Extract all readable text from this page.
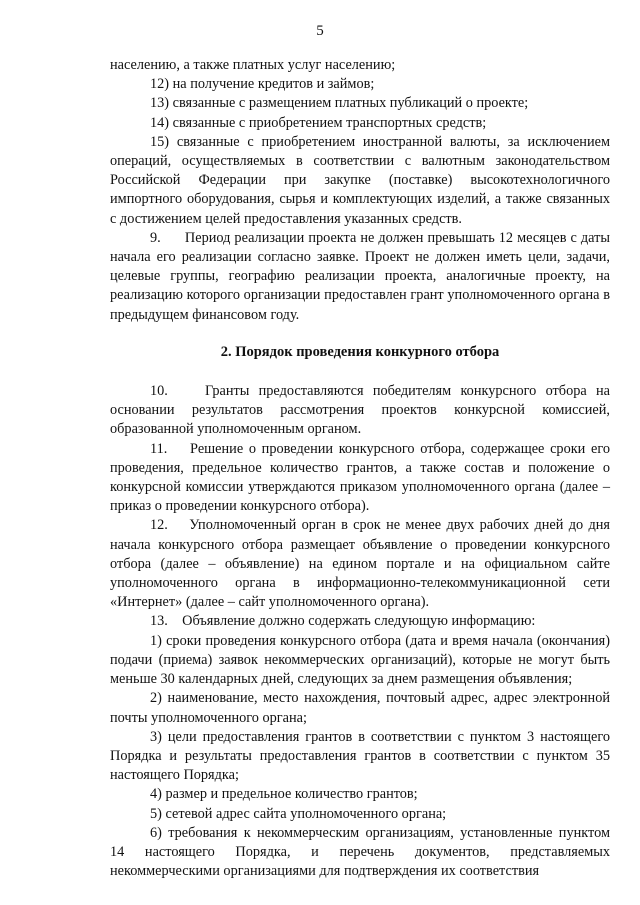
5

населению, а также платных услуг населению;

12) на получение кредитов и займов;

13) связанные с размещением платных публикаций о проекте;

14) связанные с приобретением транспортных средств;

15) связанные с приобретением иностранной валюты, за исключением операций, осуществляемых в соответствии с валютным законодательством Российской Федерации при закупке (поставке) высокотехнологичного импортного оборудования, сырья и комплектующих изделий, а также связанных с достижением целей предоставления указанных средств.

9.      Период реализации проекта не должен превышать 12 месяцев с даты начала его реализации согласно заявке. Проект не должен иметь цели, задачи, целевые группы, географию реализации проекта, аналогичные проекту, на реализацию которого организации предоставлен грант уполномоченного органа в предыдущем финансовом году.

2. Порядок проведения конкурного отбора

10.    Гранты предоставляются победителям конкурсного отбора на основании результатов рассмотрения проектов конкурсной комиссией, образованной уполномоченным органом.

11.    Решение о проведении конкурсного отбора, содержащее сроки его проведения, предельное количество грантов, а также состав и положение о конкурсной комиссии утверждаются приказом уполномоченного органа (далее – приказ о проведении конкурсного отбора).

12.    Уполномоченный орган в срок не менее двух рабочих дней до дня начала конкурсного отбора размещает объявление о проведении конкурсного отбора (далее – объявление) на едином портале и на официальном сайте уполномоченного органа в информационно-телекоммуникационной сети «Интернет» (далее – сайт уполномоченного органа).

13.    Объявление должно содержать следующую информацию:

1) сроки проведения конкурсного отбора (дата и время начала (окончания) подачи (приема) заявок некоммерческих организаций), которые не могут быть меньше 30 календарных дней, следующих за днем размещения объявления;

2) наименование, место нахождения, почтовый адрес, адрес электронной почты уполномоченного органа;

3) цели предоставления грантов в соответствии с пунктом 3 настоящего Порядка и результаты предоставления грантов в соответствии с пунктом 35 настоящего Порядка;

4) размер и предельное количество грантов;

5) сетевой адрес сайта уполномоченного органа;

6) требования к некоммерческим организациям, установленные пунктом 14 настоящего Порядка, и перечень документов, представляемых некоммерческими организациями для подтверждения их соответствия
